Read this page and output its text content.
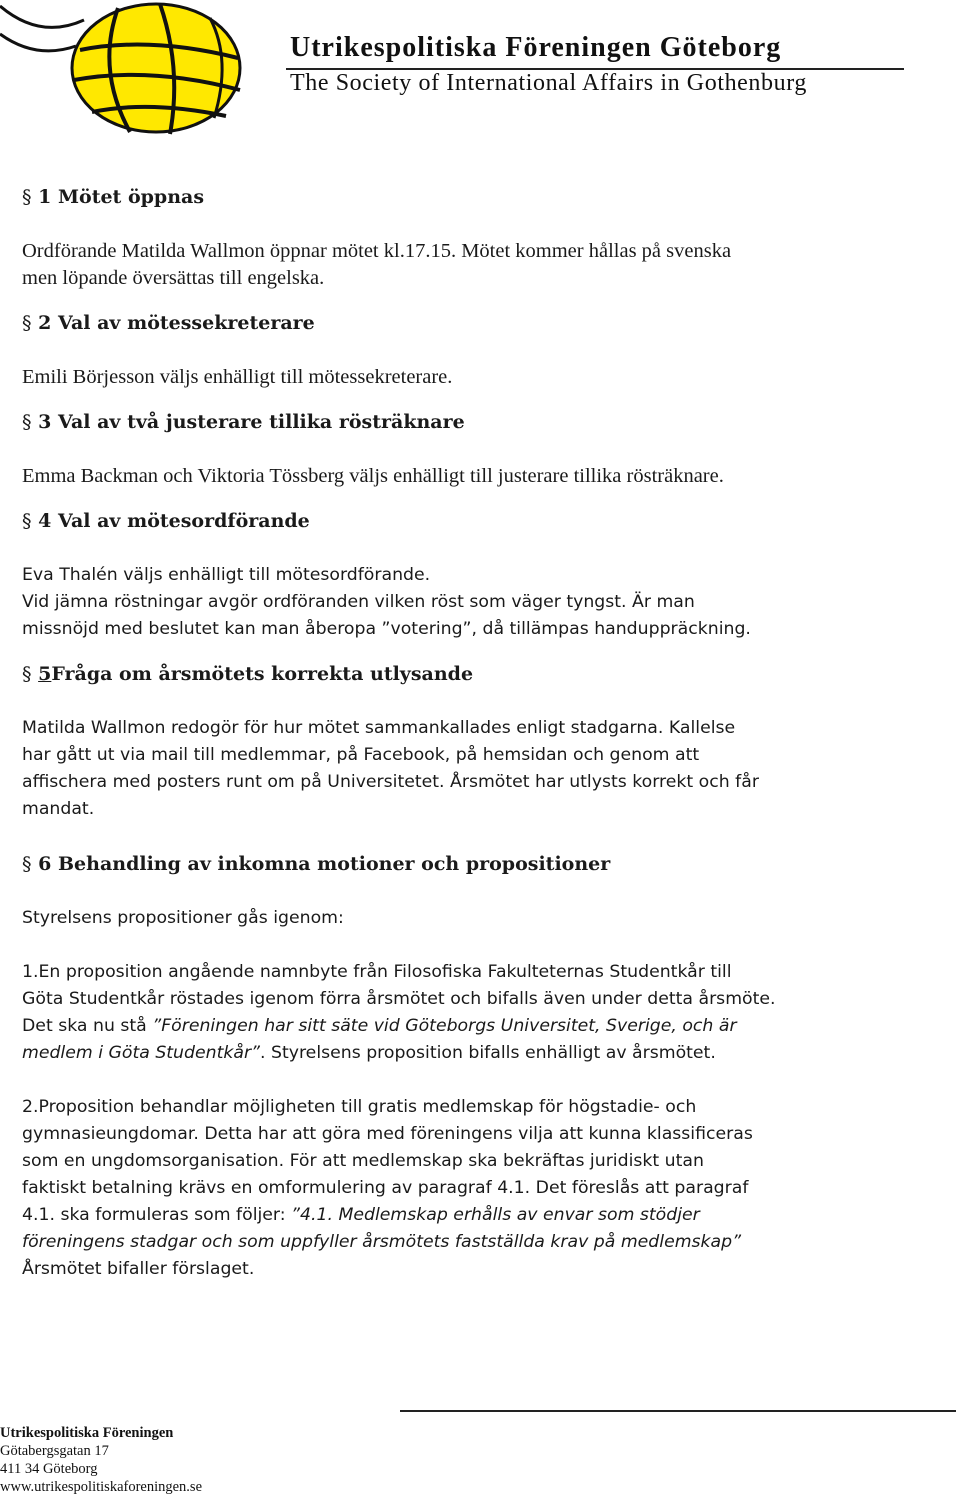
Utrikespolitiska Föreningen Göteborg
The Society of International Affairs in Gothenburg
§ 1 Mötet öppnas
Ordförande Matilda Wallmon öppnar mötet kl.17.15. Mötet kommer hållas på svenska
men löpande översättas till engelska.
§ 2 Val av mötessekreterare
Emili Börjesson väljs enhälligt till mötessekreterare.
§ 3 Val av två justerare tillika rösträknare
Emma Backman och Viktoria Tössberg väljs enhälligt till justerare tillika rösträknare.
§ 4 Val av mötesordförande
Eva Thalén väljs enhälligt till mötesordförande.
Vid jämna röstningar avgör ordföranden vilken röst som väger tyngst. Är man
missnöjd med beslutet kan man åberopa ”votering”, då tillämpas handuppräckning.
§ 5Fråga om årsmötets korrekta utlysande
Matilda Wallmon redogör för hur mötet sammankallades enligt stadgarna. Kallelse
har gått ut via mail till medlemmar, på Facebook, på hemsidan och genom att
affischera med posters runt om på Universitetet. Årsmötet har utlysts korrekt och får
mandat.
§ 6 Behandling av inkomna motioner och propositioner
Styrelsens propositioner gås igenom:
1.En proposition angående namnbyte från Filosofiska Fakulteternas Studentkår till
Göta Studentkår röstades igenom förra årsmötet och bifalls även under detta årsmöte.
Det ska nu stå ”Föreningen har sitt säte vid Göteborgs Universitet, Sverige, och är
medlem i Göta Studentkår”. Styrelsens proposition bifalls enhälligt av årsmötet.
2.Proposition behandlar möjligheten till gratis medlemskap för högstadie- och
gymnasieungdomar. Detta har att göra med föreningens vilja att kunna klassificeras
som en ungdomsorganisation. För att medlemskap ska bekräftas juridiskt utan
faktiskt betalning krävs en omformulering av paragraf 4.1. Det föreslås att paragraf
4.1. ska formuleras som följer: ”4.1. Medlemskap erhålls av envar som stödjer
föreningens stadgar och som uppfyller årsmötets fastställda krav på medlemskap”
Årsmötet bifaller förslaget.
Utrikespolitiska Föreningen
Götabergsgatan 17
411 34 Göteborg
www.utrikespolitiskaforeningen.se
